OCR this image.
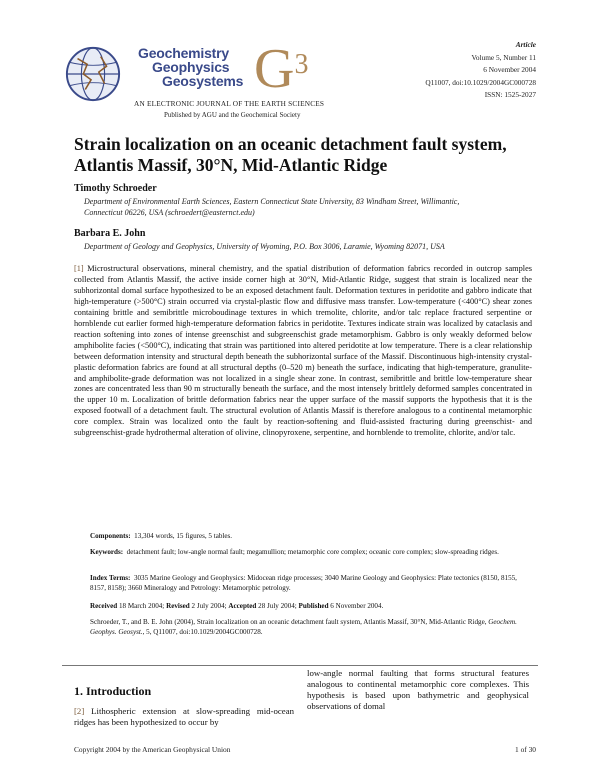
Geochemistry
Geophysics
Geosystems $G^3$
AN ELECTRONIC JOURNAL OF THE EARTH SCIENCES
Published by AGU and the Geochemical Society
Article
Volume 5, Number 11
6 November 2004
Q11007, doi:10.1029/2004GC000728
ISSN: 1525-2027
Strain localization on an oceanic detachment fault system,
Atlantis Massif, 30°N, Mid-Atlantic Ridge
Timothy Schroeder
Department of Environmental Earth Sciences, Eastern Connecticut State University, 83 Windham Street, Willimantic,
Connecticut 06226, USA (schroedert@easternct.edu)
Barbara E. John
Department of Geology and Geophysics, University of Wyoming, P.O. Box 3006, Laramie, Wyoming 82071, USA
[1] Microstructural observations, mineral chemistry, and the spatial distribution of deformation fabrics recorded in outcrop samples collected from Atlantis Massif, the active inside corner high at 30°N, Mid-Atlantic Ridge, suggest that strain is localized near the subhorizontal domal surface hypothesized to be an exposed detachment fault. Deformation textures in peridotite and gabbro indicate that high-temperature (>500°C) strain occurred via crystal-plastic flow and diffusive mass transfer. Low-temperature (<400°C) shear zones containing brittle and semibrittle microboudinage textures in which tremolite, chlorite, and/or talc replace fractured serpentine or hornblende cut earlier formed high-temperature deformation fabrics in peridotite. Textures indicate strain was localized by cataclasis and reaction softening into zones of intense greenschist and subgreenschist grade metamorphism. Gabbro is only weakly deformed below amphibolite facies (<500°C), indicating that strain was partitioned into altered peridotite at low temperature. There is a clear relationship between deformation intensity and structural depth beneath the subhorizontal surface of the Massif. Discontinuous high-intensity crystal-plastic deformation fabrics are found at all structural depths (0–520 m) beneath the surface, indicating that high-temperature, granulite- and amphibolite-grade deformation was not localized in a single shear zone. In contrast, semibrittle and brittle low-temperature shear zones are concentrated less than 90 m structurally beneath the surface, and the most intensely brittlely deformed samples concentrated in the upper 10 m. Localization of brittle deformation fabrics near the upper surface of the massif supports the hypothesis that it is the exposed footwall of a detachment fault. The structural evolution of Atlantis Massif is therefore analogous to a continental metamorphic core complex. Strain was localized onto the fault by reaction-softening and fluid-assisted fracturing during greenschist- and subgreenschist-grade hydrothermal alteration of olivine, clinopyroxene, serpentine, and hornblende to tremolite, chlorite, and/or talc.
Components: 13,304 words, 15 figures, 5 tables.
Keywords: detachment fault; low-angle normal fault; megamullion; metamorphic core complex; oceanic core complex; slow-spreading ridges.
Index Terms: 3035 Marine Geology and Geophysics: Midocean ridge processes; 3040 Marine Geology and Geophysics: Plate tectonics (8150, 8155, 8157, 8158); 3660 Mineralogy and Petrology: Metamorphic petrology.
Received 18 March 2004; Revised 2 July 2004; Accepted 28 July 2004; Published 6 November 2004.
Schroeder, T., and B. E. John (2004), Strain localization on an oceanic detachment fault system, Atlantis Massif, 30°N, Mid-Atlantic Ridge, Geochem. Geophys. Geosyst., 5, Q11007, doi:10.1029/2004GC000728.
1. Introduction
[2] Lithospheric extension at slow-spreading mid-ocean ridges has been hypothesized to occur by
low-angle normal faulting that forms structural features analogous to continental metamorphic core complexes. This hypothesis is based upon bathymetric and geophysical observations of domal
Copyright 2004 by the American Geophysical Union	1 of 30
